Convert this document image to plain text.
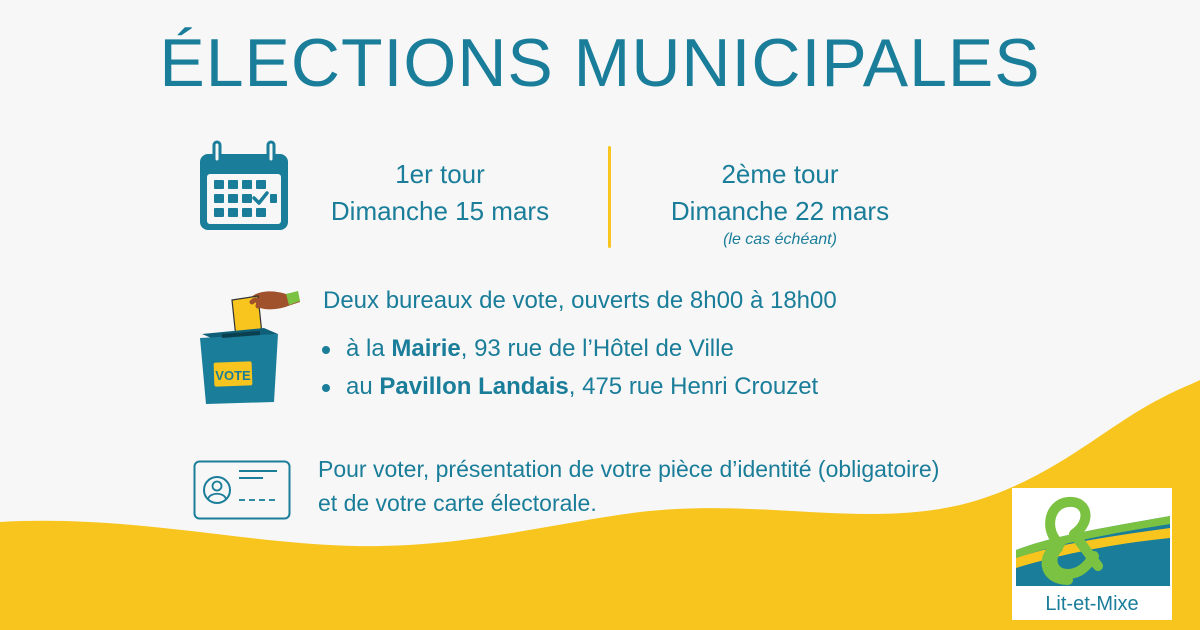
ÉLECTIONS MUNICIPALES
1er tour
Dimanche 15 mars
2ème tour
Dimanche 22 mars
(le cas échéant)
VOTE
Deux bureaux de vote, ouverts de 8h00 à 18h00
à la Mairie, 93 rue de l’Hôtel de Ville
au Pavillon Landais, 475 rue Henri Crouzet
Pour voter, présentation de votre pièce d’identité (obligatoire)
et de votre carte électorale.
Lit-et-Mixe
